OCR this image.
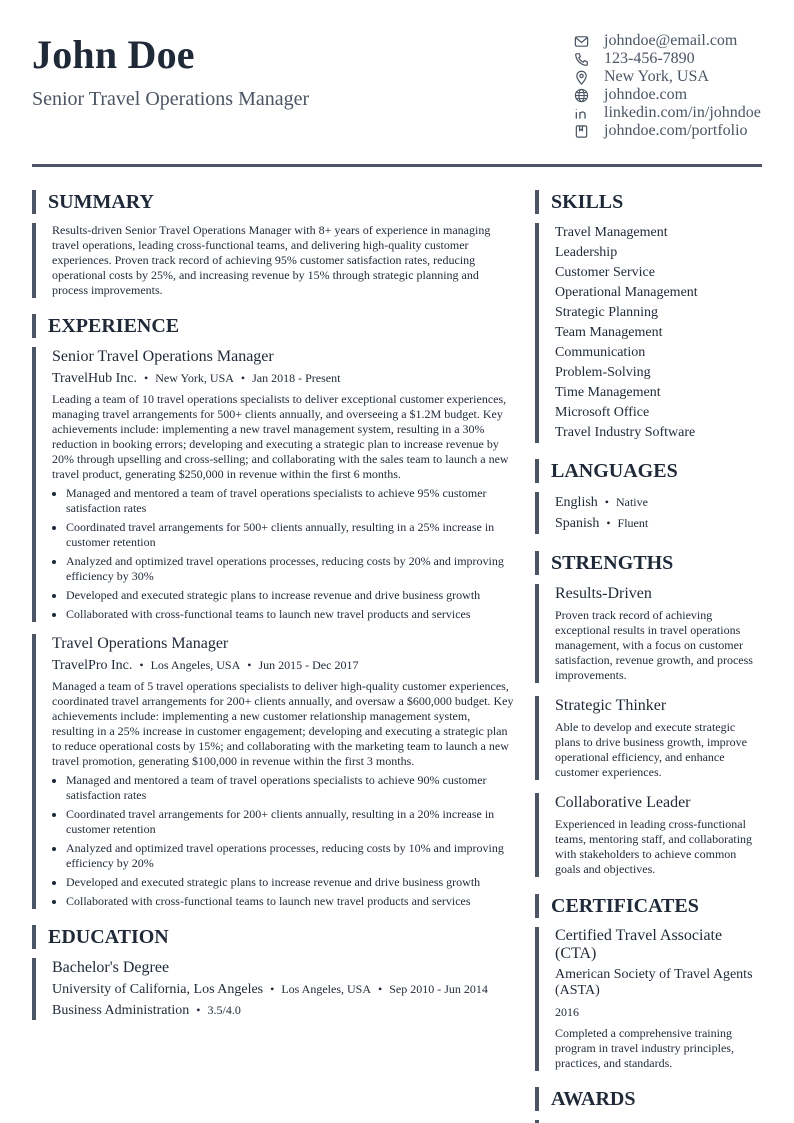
John Doe
Senior Travel Operations Manager
johndoe@email.com
123-456-7890
New York, USA
johndoe.com
linkedin.com/in/johndoe
johndoe.com/portfolio
SUMMARY
Results-driven Senior Travel Operations Manager with 8+ years of experience in managing travel operations, leading cross-functional teams, and delivering high-quality customer experiences. Proven track record of achieving 95% customer satisfaction rates, reducing operational costs by 25%, and increasing revenue by 15% through strategic planning and process improvements.
EXPERIENCE
Senior Travel Operations Manager
TravelHub Inc. • New York, USA • Jan 2018 - Present
Leading a team of 10 travel operations specialists to deliver exceptional customer experiences, managing travel arrangements for 500+ clients annually, and overseeing a $1.2M budget. Key achievements include: implementing a new travel management system, resulting in a 30% reduction in booking errors; developing and executing a strategic plan to increase revenue by 20% through upselling and cross-selling; and collaborating with the sales team to launch a new travel product, generating $250,000 in revenue within the first 6 months.
• Managed and mentored a team of travel operations specialists to achieve 95% customer satisfaction rates
• Coordinated travel arrangements for 500+ clients annually, resulting in a 25% increase in customer retention
• Analyzed and optimized travel operations processes, reducing costs by 20% and improving efficiency by 30%
• Developed and executed strategic plans to increase revenue and drive business growth
• Collaborated with cross-functional teams to launch new travel products and services
Travel Operations Manager
TravelPro Inc. • Los Angeles, USA • Jun 2015 - Dec 2017
Managed a team of 5 travel operations specialists to deliver high-quality customer experiences, coordinated travel arrangements for 200+ clients annually, and oversaw a $600,000 budget. Key achievements include: implementing a new customer relationship management system, resulting in a 25% increase in customer engagement; developing and executing a strategic plan to reduce operational costs by 15%; and collaborating with the marketing team to launch a new travel promotion, generating $100,000 in revenue within the first 3 months.
• Managed and mentored a team of travel operations specialists to achieve 90% customer satisfaction rates
• Coordinated travel arrangements for 200+ clients annually, resulting in a 20% increase in customer retention
• Analyzed and optimized travel operations processes, reducing costs by 10% and improving efficiency by 20%
• Developed and executed strategic plans to increase revenue and drive business growth
• Collaborated with cross-functional teams to launch new travel products and services
EDUCATION
Bachelor's Degree
University of California, Los Angeles • Los Angeles, USA • Sep 2010 - Jun 2014
Business Administration • 3.5/4.0
SKILLS
Travel Management
Leadership
Customer Service
Operational Management
Strategic Planning
Team Management
Communication
Problem-Solving
Time Management
Microsoft Office
Travel Industry Software
LANGUAGES
English • Native
Spanish • Fluent
STRENGTHS
Results-Driven
Proven track record of achieving exceptional results in travel operations management, with a focus on customer satisfaction, revenue growth, and process improvements.
Strategic Thinker
Able to develop and execute strategic plans to drive business growth, improve operational efficiency, and enhance customer experiences.
Collaborative Leader
Experienced in leading cross-functional teams, mentoring staff, and collaborating with stakeholders to achieve common goals and objectives.
CERTIFICATES
Certified Travel Associate (CTA)
American Society of Travel Agents (ASTA)
2016
Completed a comprehensive training program in travel industry principles, practices, and standards.
AWARDS
